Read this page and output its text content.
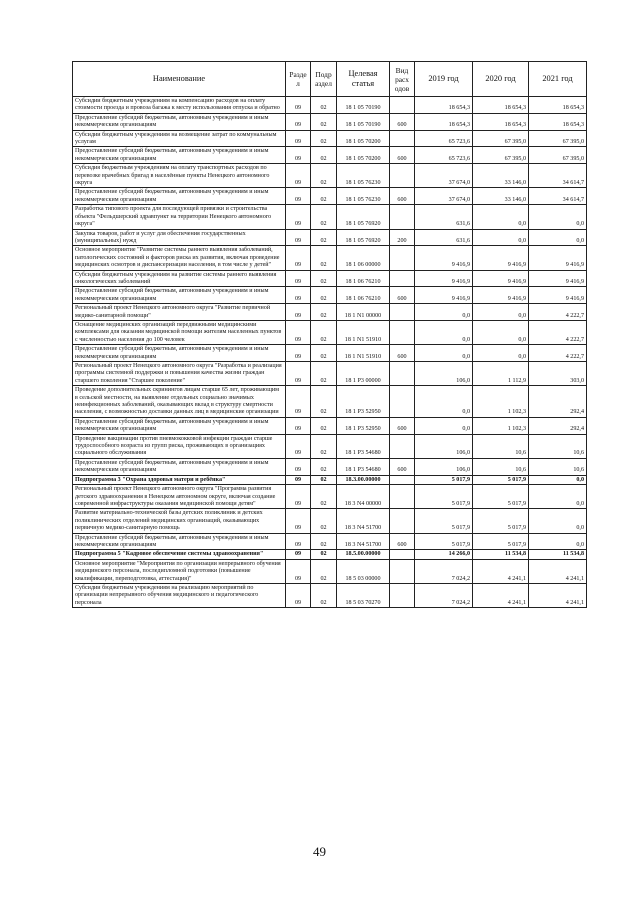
Наименование	Разде л	Подр аздел	Целевая статья	Вид расх одов	2019 год	2020 год	2021 год
Субсидии бюджетным учреждениям на компенсацию расходов на оплату стоимости проезда и провоза багажа к месту использования отпуска и обратно	09	02	18 1 05 70190		18 654,3	18 654,3	18 654,3
Предоставление субсидий бюджетным, автономным учреждениям и иным некоммерческим организациям	09	02	18 1 05 70190	600	18 654,3	18 654,3	18 654,3
Субсидии бюджетным учреждениям на возмещение затрат по коммунальным услугам	09	02	18 1 05 70200		65 723,6	67 395,0	67 395,0
Предоставление субсидий бюджетным, автономным учреждениям и иным некоммерческим организациям	09	02	18 1 05 70200	600	65 723,6	67 395,0	67 395,0
Субсидия бюджетным учреждениям на оплату транспортных расходов по перевозке врачебных бригад в населённые пункты Ненецкого автономного округа	09	02	18 1 05 76230		37 674,0	33 146,0	34 614,7
Предоставление субсидий бюджетным, автономным учреждениям и иным некоммерческим организациям	09	02	18 1 05 76230	600	37 674,0	33 146,0	34 614,7
Разработка типового проекта для последующей привязки и строительства объекта "Фельдшерский здравпункт на территории Ненецкого автономного округа"	09	02	18 1 05 76920		631,6	0,0	0,0
Закупка товаров, работ и услуг для обеспечения государственных (муниципальных) нужд	09	02	18 1 05 76920	200	631,6	0,0	0,0
Основное мероприятие "Развитие системы раннего выявления заболеваний, патологических состояний и факторов риска их развития, включая проведение медицинских осмотров и диспансеризации населения, в том числе у детей"	09	02	18 1 06 00000		9 416,9	9 416,9	9 416,9
Субсидии бюджетным учреждениям на развитие системы раннего выявления онкологических заболеваний	09	02	18 1 06 76210		9 416,9	9 416,9	9 416,9
Предоставление субсидий бюджетным, автономным учреждениям и иным некоммерческим организациям	09	02	18 1 06 76210	600	9 416,9	9 416,9	9 416,9
Региональный проект Ненецкого автономного округа "Развитие первичной медико-санитарной помощи"	09	02	18 1 N1 00000		0,0	0,0	4 222,7
Оснащение медицинских организаций передвижными медицинскими комплексами для оказания медицинской помощи жителям населенных пунктов с численностью населения до 100 человек	09	02	18 1 N1 51910		0,0	0,0	4 222,7
Предоставление субсидий бюджетным, автономным учреждениям и иным некоммерческим организациям	09	02	18 1 N1 51910	600	0,0	0,0	4 222,7
Региональный проект Ненецкого автономного округа "Разработка и реализация программы системной поддержки и повышения качества жизни граждан старшего поколения "Старшее поколение"	09	02	18 1 P3 00000		106,0	1 112,9	303,0
Проведение дополнительных скринингов лицам старше 65 лет, проживающим в сельской местности, на выявление отдельных социально значимых неинфекционных заболеваний, оказывающих вклад в структуру смертности населения, с возможностью доставки данных лиц в медицинские организации	09	02	18 1 P3 52950		0,0	1 102,3	292,4
Предоставление субсидий бюджетным, автономным учреждениям и иным некоммерческим организациям	09	02	18 1 P3 52950	600	0,0	1 102,3	292,4
Проведение вакцинации против пневмококковой инфекции граждан старше трудоспособного возраста из групп риска, проживающих в организациях социального обслуживания	09	02	18 1 P3 54680		106,0	10,6	10,6
Предоставление субсидий бюджетным, автономным учреждениям и иным некоммерческим организациям	09	02	18 1 P3 54680	600	106,0	10,6	10,6
Подпрограмма 3 "Охрана здоровья матери и ребёнка"	09	02	18.3.00.00000		5 017,9	5 017,9	0,0
Региональный проект Ненецкого автономного округа "Программа развития детского здравоохранения в Ненецком автономном округе, включая создание современной инфраструктуры оказания медицинской помощи детям"	09	02	18 3 N4 00000		5 017,9	5 017,9	0,0
Развитие материально-технической базы детских поликлиник и детских поликлинических отделений медицинских организаций, оказывающих первичную медико-санитарную помощь	09	02	18 3 N4 51700		5 017,9	5 017,9	0,0
Предоставление субсидий бюджетным, автономным учреждениям и иным некоммерческим организациям	09	02	18 3 N4 51700	600	5 017,9	5 017,9	0,0
Подпрограмма 5 "Кадровое обеспечение системы здравоохранения"	09	02	18.5.00.00000		14 266,0	11 534,8	11 534,8
Основное мероприятие "Мероприятия по организации непрерывного обучения медицинского персонала, последипломной подготовки (повышение квалификации, переподготовка, аттестация)"	09	02	18 5 03 00000		7 024,2	4 241,1	4 241,1
Субсидии бюджетным учреждениям на реализацию мероприятий по организации непрерывного обучения медицинского и педагогического персонала	09	02	18 5 03 70270		7 024,2	4 241,1	4 241,1
49
